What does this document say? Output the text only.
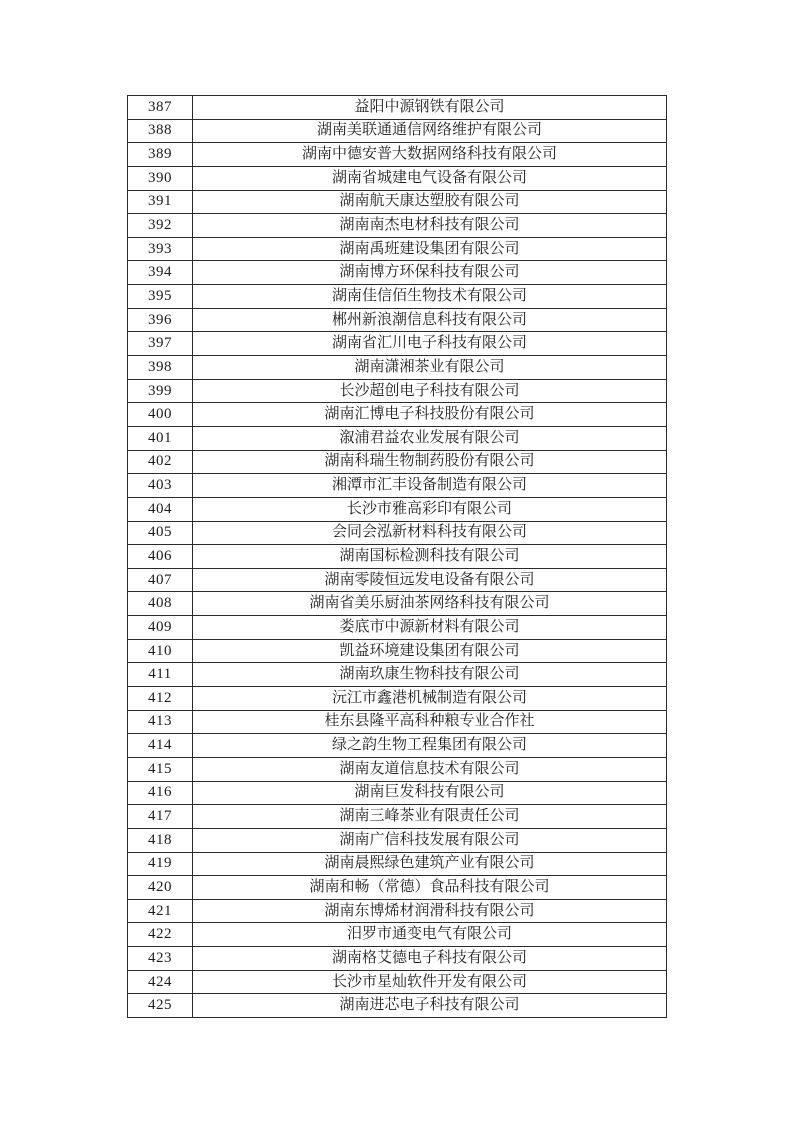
387	益阳中源钢铁有限公司
388	湖南美联通通信网络维护有限公司
389	湖南中德安普大数据网络科技有限公司
390	湖南省城建电气设备有限公司
391	湖南航天康达塑胶有限公司
392	湖南南杰电材科技有限公司
393	湖南禹班建设集团有限公司
394	湖南博方环保科技有限公司
395	湖南佳信佰生物技术有限公司
396	郴州新浪潮信息科技有限公司
397	湖南省汇川电子科技有限公司
398	湖南潇湘茶业有限公司
399	长沙超创电子科技有限公司
400	湖南汇博电子科技股份有限公司
401	溆浦君益农业发展有限公司
402	湖南科瑞生物制药股份有限公司
403	湘潭市汇丰设备制造有限公司
404	长沙市雅高彩印有限公司
405	会同会泓新材料科技有限公司
406	湖南国标检测科技有限公司
407	湖南零陵恒远发电设备有限公司
408	湖南省美乐厨油茶网络科技有限公司
409	娄底市中源新材料有限公司
410	凯益环境建设集团有限公司
411	湖南玖康生物科技有限公司
412	沅江市鑫港机械制造有限公司
413	桂东县隆平高科种粮专业合作社
414	绿之韵生物工程集团有限公司
415	湖南友道信息技术有限公司
416	湖南巨发科技有限公司
417	湖南三峰茶业有限责任公司
418	湖南广信科技发展有限公司
419	湖南晨熙绿色建筑产业有限公司
420	湖南和畅（常德）食品科技有限公司
421	湖南东博烯材润滑科技有限公司
422	汨罗市通变电气有限公司
423	湖南格艾德电子科技有限公司
424	长沙市星灿软件开发有限公司
425	湖南进芯电子科技有限公司
